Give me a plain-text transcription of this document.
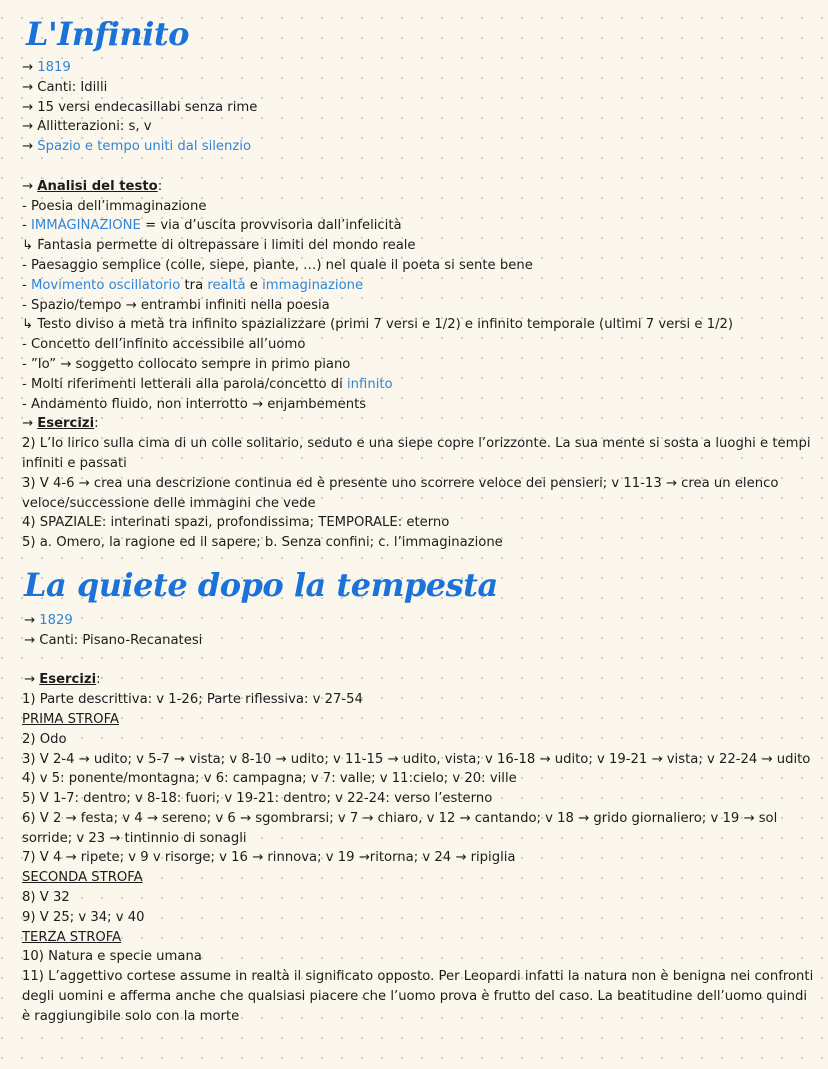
L'Infinito
→ 1819
→ Canti: Idilli
→ 15 versi endecasillabi senza rime
→ Allitterazioni: s, v
→ Spazio e tempo uniti dal silenzio
→ Analisi del testo:
- Poesia dell’immaginazione
- IMMAGINAZIONE = via d’uscita provvisoria dall’infelicità
↳ Fantasia permette di oltrepassare i limiti del mondo reale
- Paesaggio semplice (colle, siepe, piante, …) nel quale il poeta si sente bene
- Movimento oscillatorio tra realtà e immaginazione
- Spazio/tempo → entrambi infiniti nella poesia
↳ Testo diviso a metà tra infinito spazializzare (primi 7 versi e 1/2) e infinito temporale (ultimi 7 versi e 1/2)
- Concetto dell’infinito accessibile all’uomo
- ”Io” → soggetto collocato sempre in primo piano
- Molti riferimenti letterali alla parola/concetto di infinito
- Andamento fluido, non interrotto → enjambements
→ Esercizi:
2) L’Io lirico sulla cima di un colle solitario, seduto e una siepe copre l’orizzonte. La sua mente si sosta a luoghi e tempi infiniti e passati
3) V 4-6 → crea una descrizione continua ed è presente uno scorrere veloce dei pensieri; v 11-13 → crea un elenco veloce/successione delle immagini che vede
4) SPAZIALE: interinati spazi, profondissima; TEMPORALE: eterno
5) a. Omero, la ragione ed il sapere; b. Senza confini; c. l’immaginazione
La quiete dopo la tempesta
→ 1829
→ Canti: Pisano-Recanatesi
→ Esercizi:
1) Parte descrittiva: v 1-26; Parte riflessiva: v 27-54
PRIMA STROFA
2) Odo
3) V 2-4 → udito; v 5-7 → vista; v 8-10 → udito; v 11-15 → udito, vista; v 16-18 → udito; v 19-21 → vista; v 22-24 → udito
4) v 5: ponente/montagna; v 6: campagna; v 7: valle; v 11:cielo; v 20: ville
5) V 1-7: dentro; v 8-18: fuori; v 19-21: dentro; v 22-24: verso l’esterno
6) V 2 → festa; v 4 → sereno; v 6 → sgombrarsi; v 7 → chiaro, v 12 → cantando; v 18 → grido giornaliero; v 19 → sol sorride; v 23 → tintinnio di sonagli
7) V 4 → ripete; v 9 v risorge; v 16 → rinnova; v 19 →ritorna; v 24 → ripiglia
SECONDA STROFA
8) V 32
9) V 25; v 34; v 40
TERZA STROFA
10) Natura e specie umana
11) L’aggettivo cortese assume in realtà il significato opposto. Per Leopardi infatti la natura non è benigna nei confronti degli uomini e afferma anche che qualsiasi piacere che l’uomo prova è frutto del caso. La beatitudine dell’uomo quindi è raggiungibile solo con la morte
